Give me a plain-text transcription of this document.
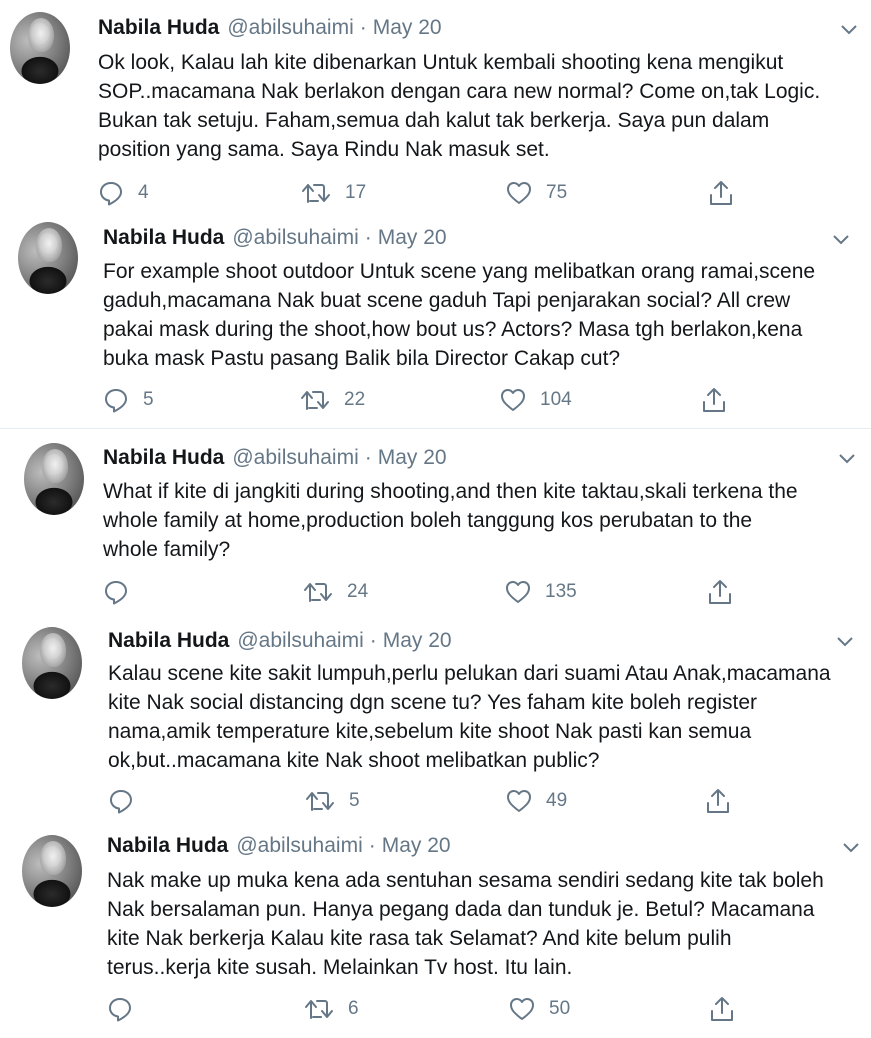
Nabila Huda @abilsuhaimi · May 20
Ok look, Kalau lah kite dibenarkan Untuk kembali shooting kena mengikut
SOP..macamana Nak berlakon dengan cara new normal? Come on,tak Logic.
Bukan tak setuju. Faham,semua dah kalut tak berkerja. Saya pun dalam
position yang sama. Saya Rindu Nak masuk set.
4	17	75
Nabila Huda @abilsuhaimi · May 20
For example shoot outdoor Untuk scene yang melibatkan orang ramai,scene
gaduh,macamana Nak buat scene gaduh Tapi penjarakan social? All crew
pakai mask during the shoot,how bout us? Actors? Masa tgh berlakon,kena
buka mask Pastu pasang Balik bila Director Cakap cut?
5	22	104
Nabila Huda @abilsuhaimi · May 20
What if kite di jangkiti during shooting,and then kite taktau,skali terkena the
whole family at home,production boleh tanggung kos perubatan to the
whole family?
24	135
Nabila Huda @abilsuhaimi · May 20
Kalau scene kite sakit lumpuh,perlu pelukan dari suami Atau Anak,macamana
kite Nak social distancing dgn scene tu? Yes faham kite boleh register
nama,amik temperature kite,sebelum kite shoot Nak pasti kan semua
ok,but..macamana kite Nak shoot melibatkan public?
5	49
Nabila Huda @abilsuhaimi · May 20
Nak make up muka kena ada sentuhan sesama sendiri sedang kite tak boleh
Nak bersalaman pun. Hanya pegang dada dan tunduk je. Betul? Macamana
kite Nak berkerja Kalau kite rasa tak Selamat? And kite belum pulih
terus..kerja kite susah. Melainkan Tv host. Itu lain.
6	50
